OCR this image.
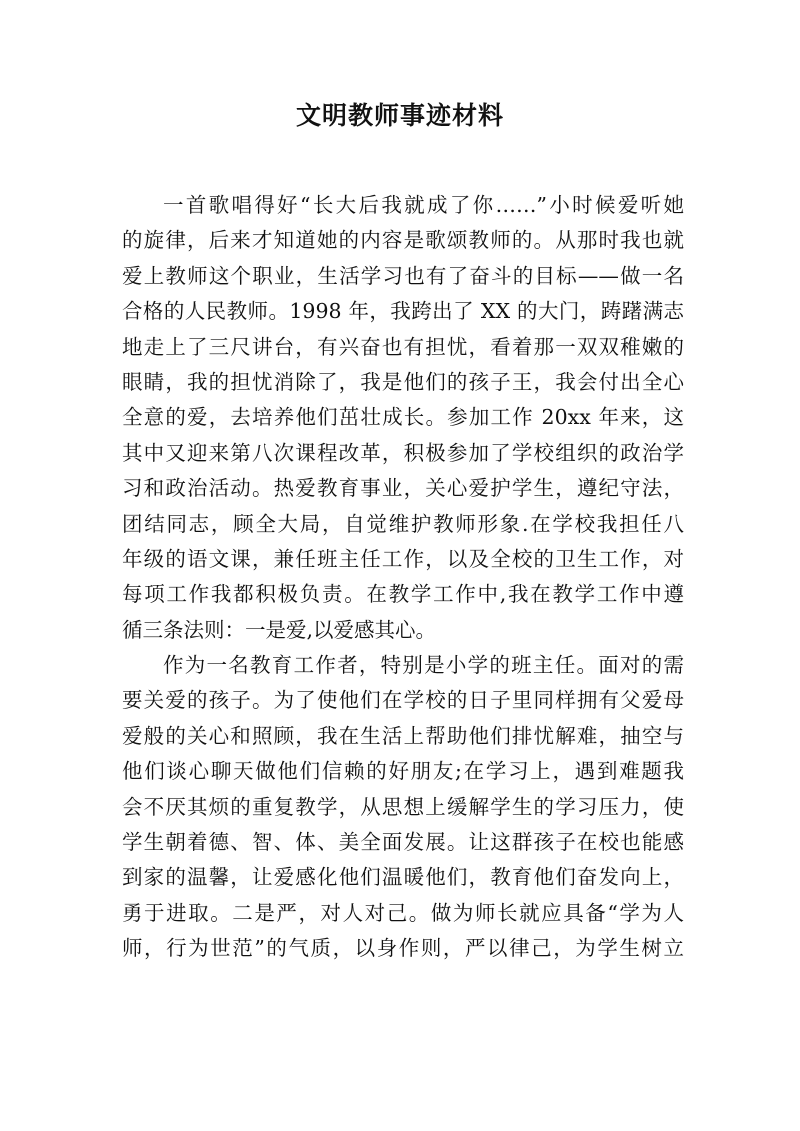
文明教师事迹材料
一首歌唱得好“长大后我就成了你……”小时候爱听她
的旋律，后来才知道她的内容是歌颂教师的。从那时我也就
爱上教师这个职业，生活学习也有了奋斗的目标——做一名
合格的人民教师。1998 年，我跨出了 XX 的大门，踌躇满志
地走上了三尺讲台，有兴奋也有担忧，看着那一双双稚嫩的
眼睛，我的担忧消除了，我是他们的孩子王，我会付出全心
全意的爱，去培养他们茁壮成长。参加工作 20xx 年来，这
其中又迎来第八次课程改革，积极参加了学校组织的政治学
习和政治活动。热爱教育事业，关心爱护学生，遵纪守法，
团结同志，顾全大局，自觉维护教师形象.在学校我担任八
年级的语文课，兼任班主任工作，以及全校的卫生工作，对
每项工作我都积极负责。在教学工作中,我在教学工作中遵
循三条法则：一是爱,以爱感其心。
作为一名教育工作者，特别是小学的班主任。面对的需
要关爱的孩子。为了使他们在学校的日子里同样拥有父爱母
爱般的关心和照顾，我在生活上帮助他们排忧解难，抽空与
他们谈心聊天做他们信赖的好朋友;在学习上，遇到难题我
会不厌其烦的重复教学，从思想上缓解学生的学习压力，使
学生朝着德、智、体、美全面发展。让这群孩子在校也能感
到家的温馨，让爱感化他们温暖他们，教育他们奋发向上，
勇于进取。二是严，对人对己。做为师长就应具备“学为人
师，行为世范”的气质，以身作则，严以律己，为学生树立
